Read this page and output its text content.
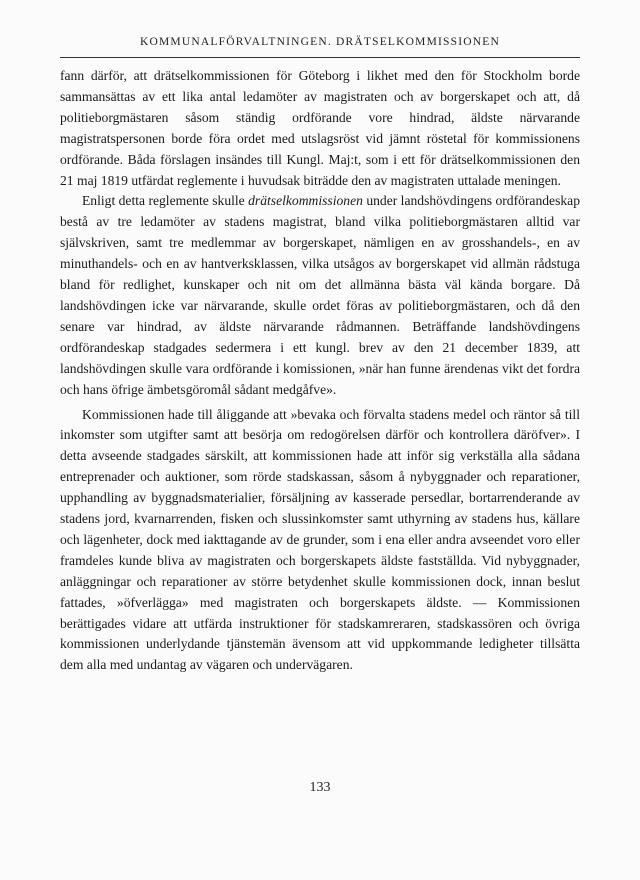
KOMMUNALFÖRVALTNINGEN. DRÄTSELKOMMISSIONEN

fann därför, att drätselkommissionen för Göteborg i likhet med den för Stockholm borde sammansättas av ett lika antal ledamöter av magistraten och av borgerskapet och att, då politieborgmästaren såsom ständig ordförande vore hindrad, äldste närvarande magistratspersonen borde föra ordet med utslagsröst vid jämnt röstetal för kommissionens ordförande. Båda förslagen insändes till Kungl. Maj:t, som i ett för drätselkommissionen den 21 maj 1819 utfärdat reglemente i huvudsak biträdde den av magistraten uttalade meningen.

Enligt detta reglemente skulle drätselkommissionen under landshövdingens ordförandeskap bestå av tre ledamöter av stadens magistrat, bland vilka politieborgmästaren alltid var självskriven, samt tre medlemmar av borgerskapet, nämligen en av grosshandels-, en av minuthandels- och en av hantverksklassen, vilka utsågos av borgerskapet vid allmän rådstuga bland för redlighet, kunskaper och nit om det allmänna bästa väl kända borgare. Då landshövdingen icke var närvarande, skulle ordet föras av politieborgmästaren, och då den senare var hindrad, av äldste närvarande rådmannen. Beträffande landshövdingens ordförandeskap stadgades sedermera i ett kungl. brev av den 21 december 1839, att landshövdingen skulle vara ordförande i komissionen, »när han funne ärendenas vikt det fordra och hans öfrige ämbetsgöromål sådant medgåfve».

Kommissionen hade till åliggande att »bevaka och förvalta stadens medel och räntor så till inkomster som utgifter samt att besörja om redogörelsen därför och kontrollera däröfver». I detta avseende stadgades särskilt, att kommissionen hade att inför sig verkställa alla sådana entreprenader och auktioner, som rörde stadskassan, såsom å nybyggnader och reparationer, upphandling av byggnadsmaterialier, försäljning av kasserade persedlar, bortarrenderande av stadens jord, kvarnarrenden, fisken och slussinkomster samt uthyrning av stadens hus, källare och lägenheter, dock med iakttagande av de grunder, som i ena eller andra avseendet voro eller framdeles kunde bliva av magistraten och borgerskapets äldste fastställda. Vid nybyggnader, anläggningar och reparationer av större betydenhet skulle kommissionen dock, innan beslut fattades, »öfverlägga» med magistraten och borgerskapets äldste. — Kommissionen berättigades vidare att utfärda instruktioner för stadskamreraren, stadskassören och övriga kommissionen underlydande tjänstemän ävensom att vid uppkommande ledigheter tillsätta dem alla med undantag av vägaren och undervägaren.

133
